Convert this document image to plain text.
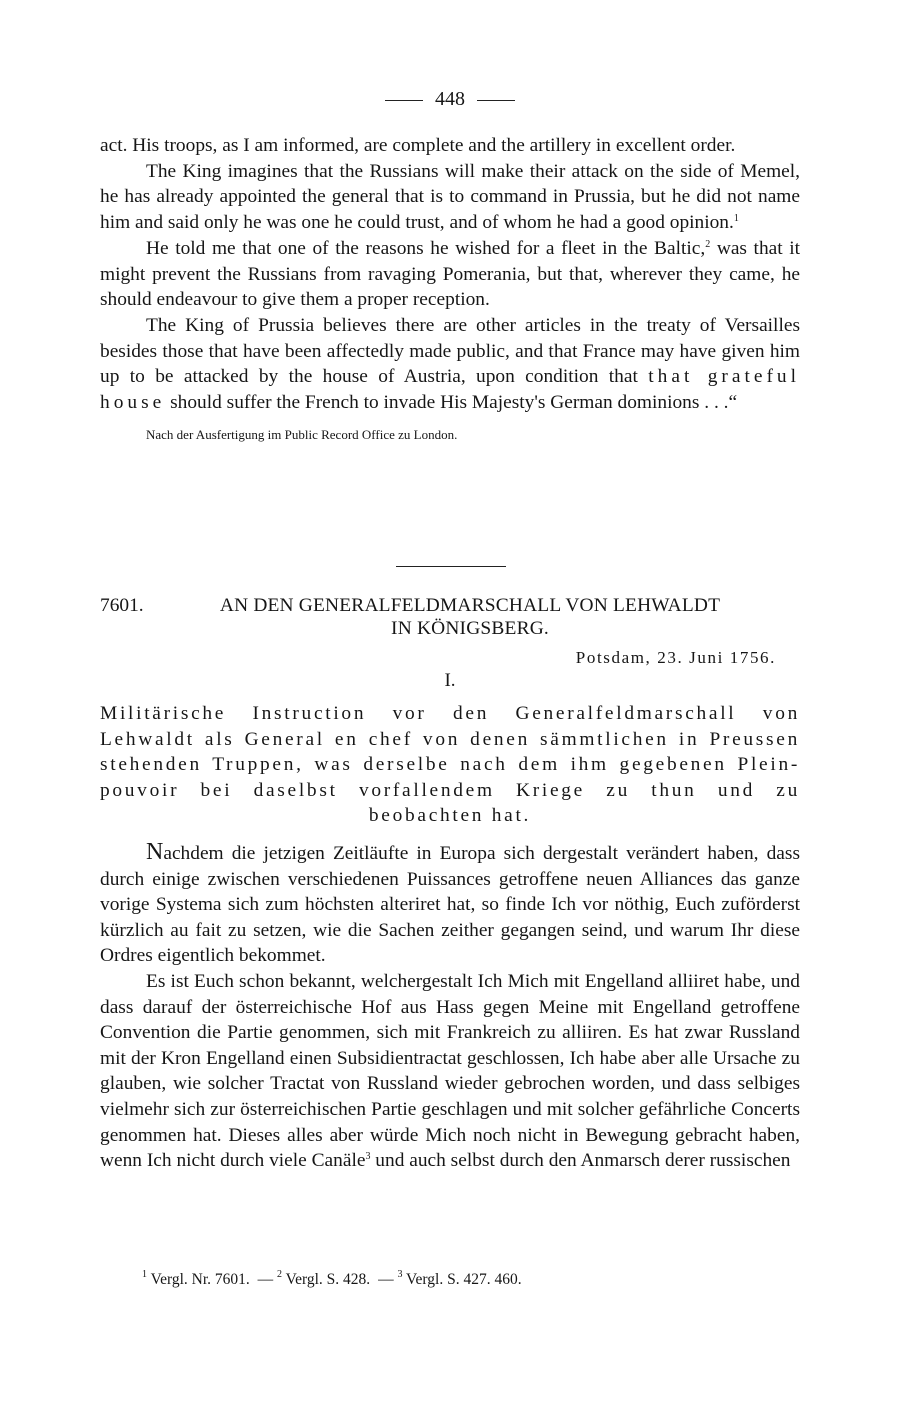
448

act. His troops, as I am informed, are complete and the artillery in excellent order.

The King imagines that the Russians will make their attack on the side of Memel, he has already appointed the general that is to command in Prussia, but he did not name him and said only he was one he could trust, and of whom he had a good opinion.$^1$

He told me that one of the reasons he wished for a fleet in the Baltic,$^2$ was that it might prevent the Russians from ravaging Pomerania, but that, wherever they came, he should endeavour to give them a proper reception.

The King of Prussia believes there are other articles in the treaty of Versailles besides those that have been affectedly made public, and that France may have given him up to be attacked by the house of Austria, upon condition that that grateful house should suffer the French to invade His Majesty's German dominions . . .“

Nach der Ausfertigung im Public Record Office zu London.

7601.	AN DEN GENERALFELDMARSCHALL VON LEHWALDT
IN KÖNIGSBERG.
Potsdam, 23. Juni 1756.
I.
Militärische Instruction vor den Generalfeldmarschall von Lehwaldt als General en chef von denen sämmtlichen in Preussen stehenden Truppen, was derselbe nach dem ihm gegebenen Plein-pouvoir bei daselbst vorfallendem Kriege zu thun und zu beobachten hat.

Nachdem die jetzigen Zeitläufte in Europa sich dergestalt verändert haben, dass durch einige zwischen verschiedenen Puissances getroffene neuen Alliances das ganze vorige Systema sich zum höchsten alteriret hat, so finde Ich vor nöthig, Euch zuförderst kürzlich au fait zu setzen, wie die Sachen zeither gegangen seind, und warum Ihr diese Ordres eigentlich bekommet.

Es ist Euch schon bekannt, welchergestalt Ich Mich mit Engelland alliiret habe, und dass darauf der österreichische Hof aus Hass gegen Meine mit Engelland getroffene Convention die Partie genommen, sich mit Frankreich zu alliiren. Es hat zwar Russland mit der Kron Engelland einen Subsidientractat geschlossen, Ich habe aber alle Ursache zu glauben, wie solcher Tractat von Russland wieder gebrochen worden, und dass selbiges vielmehr sich zur österreichischen Partie geschlagen und mit solcher gefährliche Concerts genommen hat. Dieses alles aber würde Mich noch nicht in Bewegung gebracht haben, wenn Ich nicht durch viele Canäle$^3$ und auch selbst durch den Anmarsch derer russischen

$^1$ Vergl. Nr. 7601. — $^2$ Vergl. S. 428. — $^3$ Vergl. S. 427. 460.
